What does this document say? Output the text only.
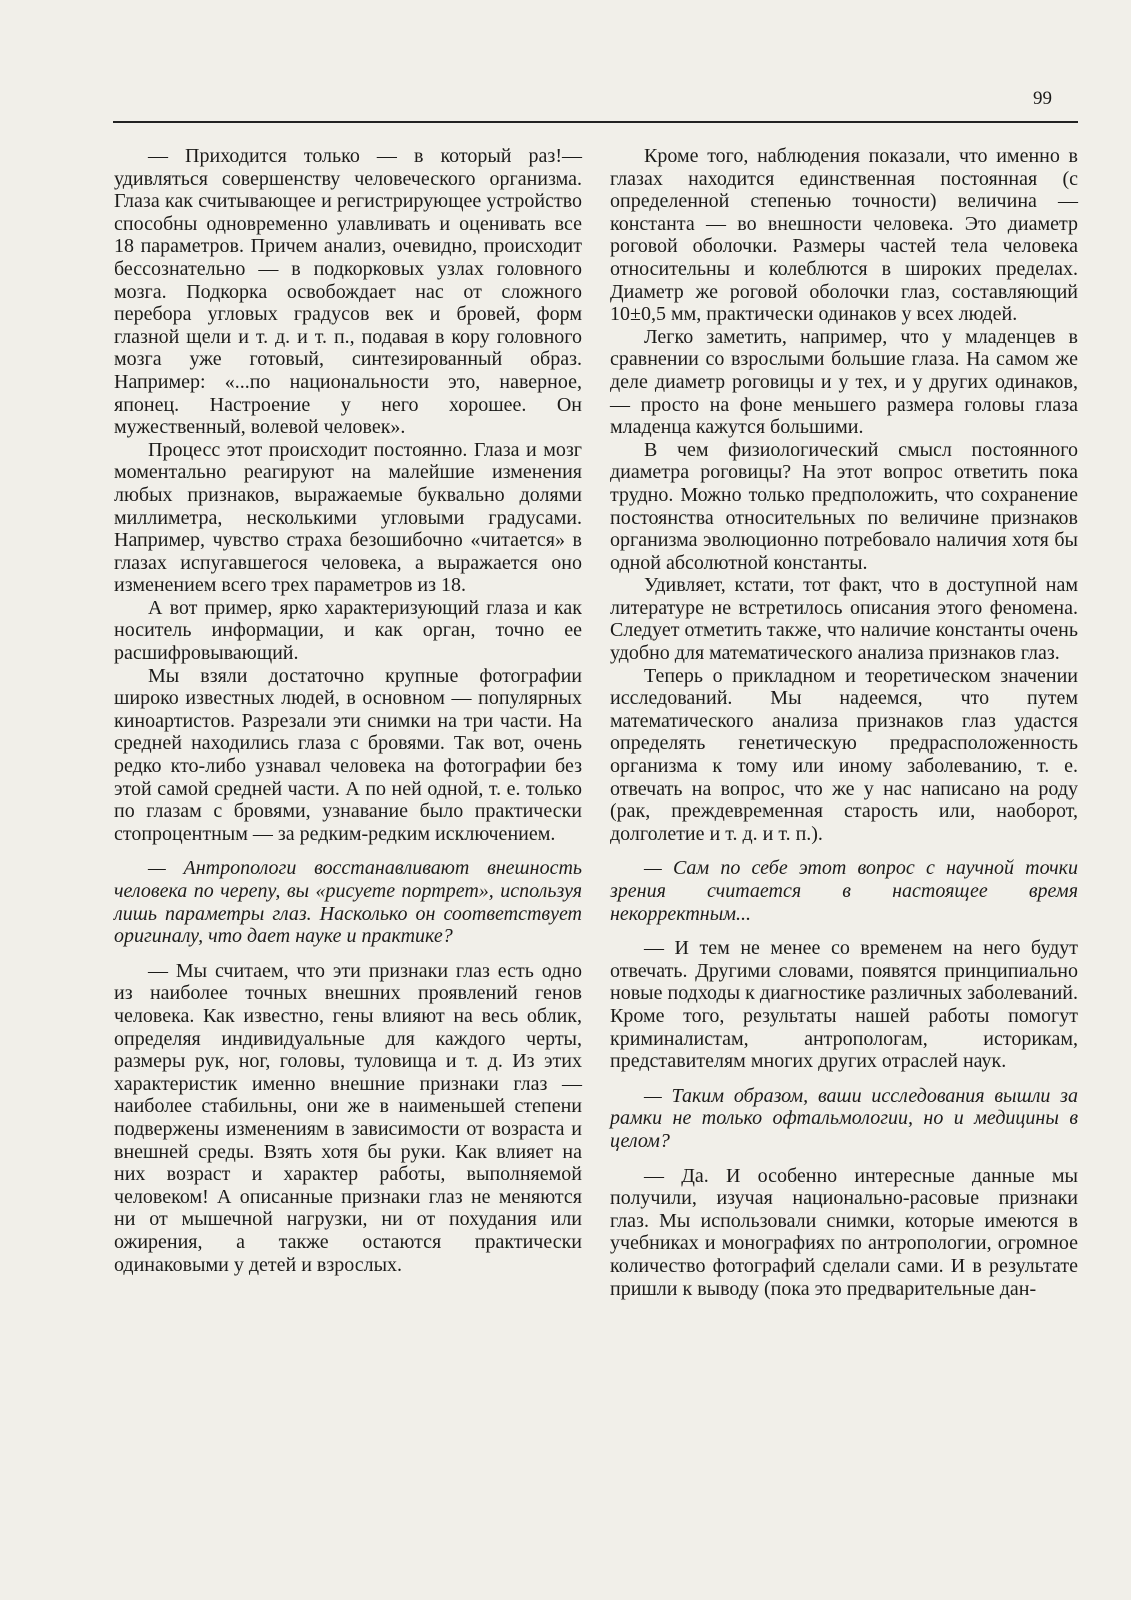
99

— Приходится только — в который раз!— удивляться совершенству человеческого организма. Глаза как считывающее и регистрирующее устройство способны одновременно улавливать и оценивать все 18 параметров. Причем анализ, очевидно, происходит бессознательно — в подкорковых узлах головного мозга. Подкорка освобождает нас от сложного перебора угловых градусов век и бровей, форм глазной щели и т. д. и т. п., подавая в кору головного мозга уже готовый, синтезированный образ. Например: «...по национальности это, наверное, японец. Настроение у него хорошее. Он мужественный, волевой человек».

Процесс этот происходит постоянно. Глаза и мозг моментально реагируют на малейшие изменения любых признаков, выражаемые буквально долями миллиметра, несколькими угловыми градусами. Например, чувство страха безошибочно «читается» в глазах испугавшегося человека, а выражается оно изменением всего трех параметров из 18.

А вот пример, ярко характеризующий глаза и как носитель информации, и как орган, точно ее расшифровывающий.

Мы взяли достаточно крупные фотографии широко известных людей, в основном — популярных киноартистов. Разрезали эти снимки на три части. На средней находились глаза с бровями. Так вот, очень редко кто-либо узнавал человека на фотографии без этой самой средней части. А по ней одной, т. е. только по глазам с бровями, узнавание было практически стопроцентным — за редким-редким исключением.

— Антропологи восстанавливают внешность человека по черепу, вы «рисуете портрет», используя лишь параметры глаз. Насколько он соответствует оригиналу, что дает науке и практике?

— Мы считаем, что эти признаки глаз есть одно из наиболее точных внешних проявлений генов человека. Как известно, гены влияют на весь облик, определяя индивидуальные для каждого черты, размеры рук, ног, головы, туловища и т. д. Из этих характеристик именно внешние признаки глаз — наиболее стабильны, они же в наименьшей степени подвержены изменениям в зависимости от возраста и внешней среды. Взять хотя бы руки. Как влияет на них возраст и характер работы, выполняемой человеком! А описанные признаки глаз не меняются ни от мышечной нагрузки, ни от похудания или ожирения, а также остаются практически одинаковыми у детей и взрослых.

Кроме того, наблюдения показали, что именно в глазах находится единственная постоянная (с определенной степенью точности) величина — константа — во внешности человека. Это диаметр роговой оболочки. Размеры частей тела человека относительны и колеблются в широких пределах. Диаметр же роговой оболочки глаз, составляющий 10±0,5 мм, практически одинаков у всех людей.

Легко заметить, например, что у младенцев в сравнении со взрослыми большие глаза. На самом же деле диаметр роговицы и у тех, и у других одинаков,— просто на фоне меньшего размера головы глаза младенца кажутся большими.

В чем физиологический смысл постоянного диаметра роговицы? На этот вопрос ответить пока трудно. Можно только предположить, что сохранение постоянства относительных по величине признаков организма эволюционно потребовало наличия хотя бы одной абсолютной константы.

Удивляет, кстати, тот факт, что в доступной нам литературе не встретилось описания этого феномена. Следует отметить также, что наличие константы очень удобно для математического анализа признаков глаз.

Теперь о прикладном и теоретическом значении исследований. Мы надеемся, что путем математического анализа признаков глаз удастся определять генетическую предрасположенность организма к тому или иному заболеванию, т. е. отвечать на вопрос, что же у нас написано на роду (рак, преждевременная старость или, наоборот, долголетие и т. д. и т. п.).

— Сам по себе этот вопрос с научной точки зрения считается в настоящее время некорректным...

— И тем не менее со временем на него будут отвечать. Другими словами, появятся принципиально новые подходы к диагностике различных заболеваний. Кроме того, результаты нашей работы помогут криминалистам, антропологам, историкам, представителям многих других отраслей наук.

— Таким образом, ваши исследования вышли за рамки не только офтальмологии, но и медицины в целом?

— Да. И особенно интересные данные мы получили, изучая национально-расовые признаки глаз. Мы использовали снимки, которые имеются в учебниках и монографиях по антропологии, огромное количество фотографий сделали сами. И в результате пришли к выводу (пока это предварительные дан-
